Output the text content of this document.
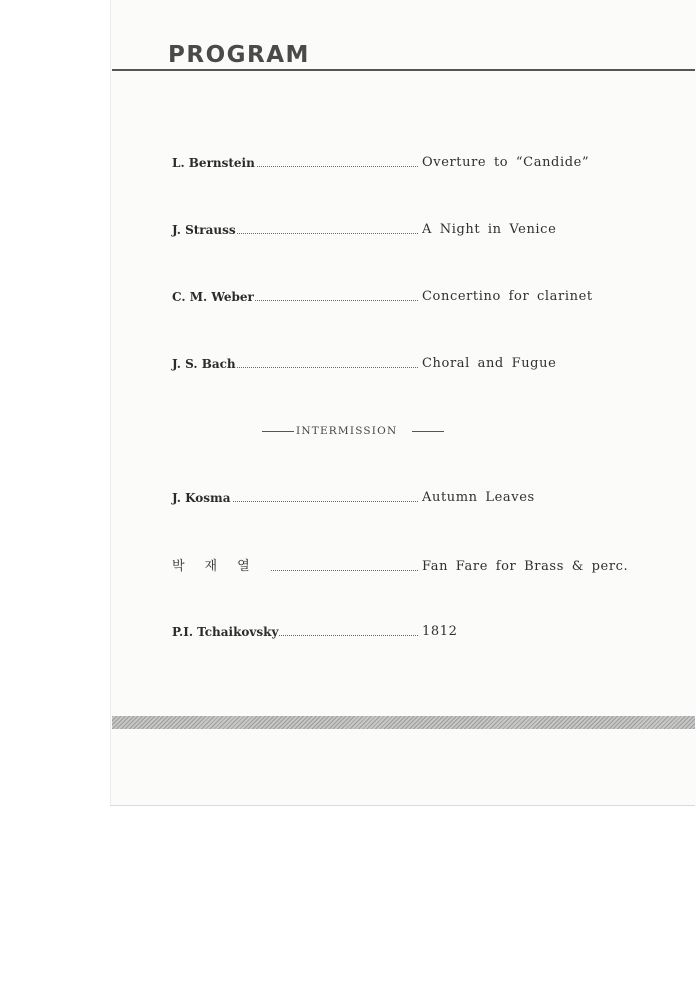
PROGRAM
L. Bernstein	Overture to “Candide”
J. Strauss	A Night in Venice
C. M. Weber	Concertino for clarinet
J. S. Bach	Choral and Fugue
INTERMISSION
J. Kosma	Autumn Leaves
박재열	Fan Fare for Brass & perc.
P.I. Tchaikovsky	1812
